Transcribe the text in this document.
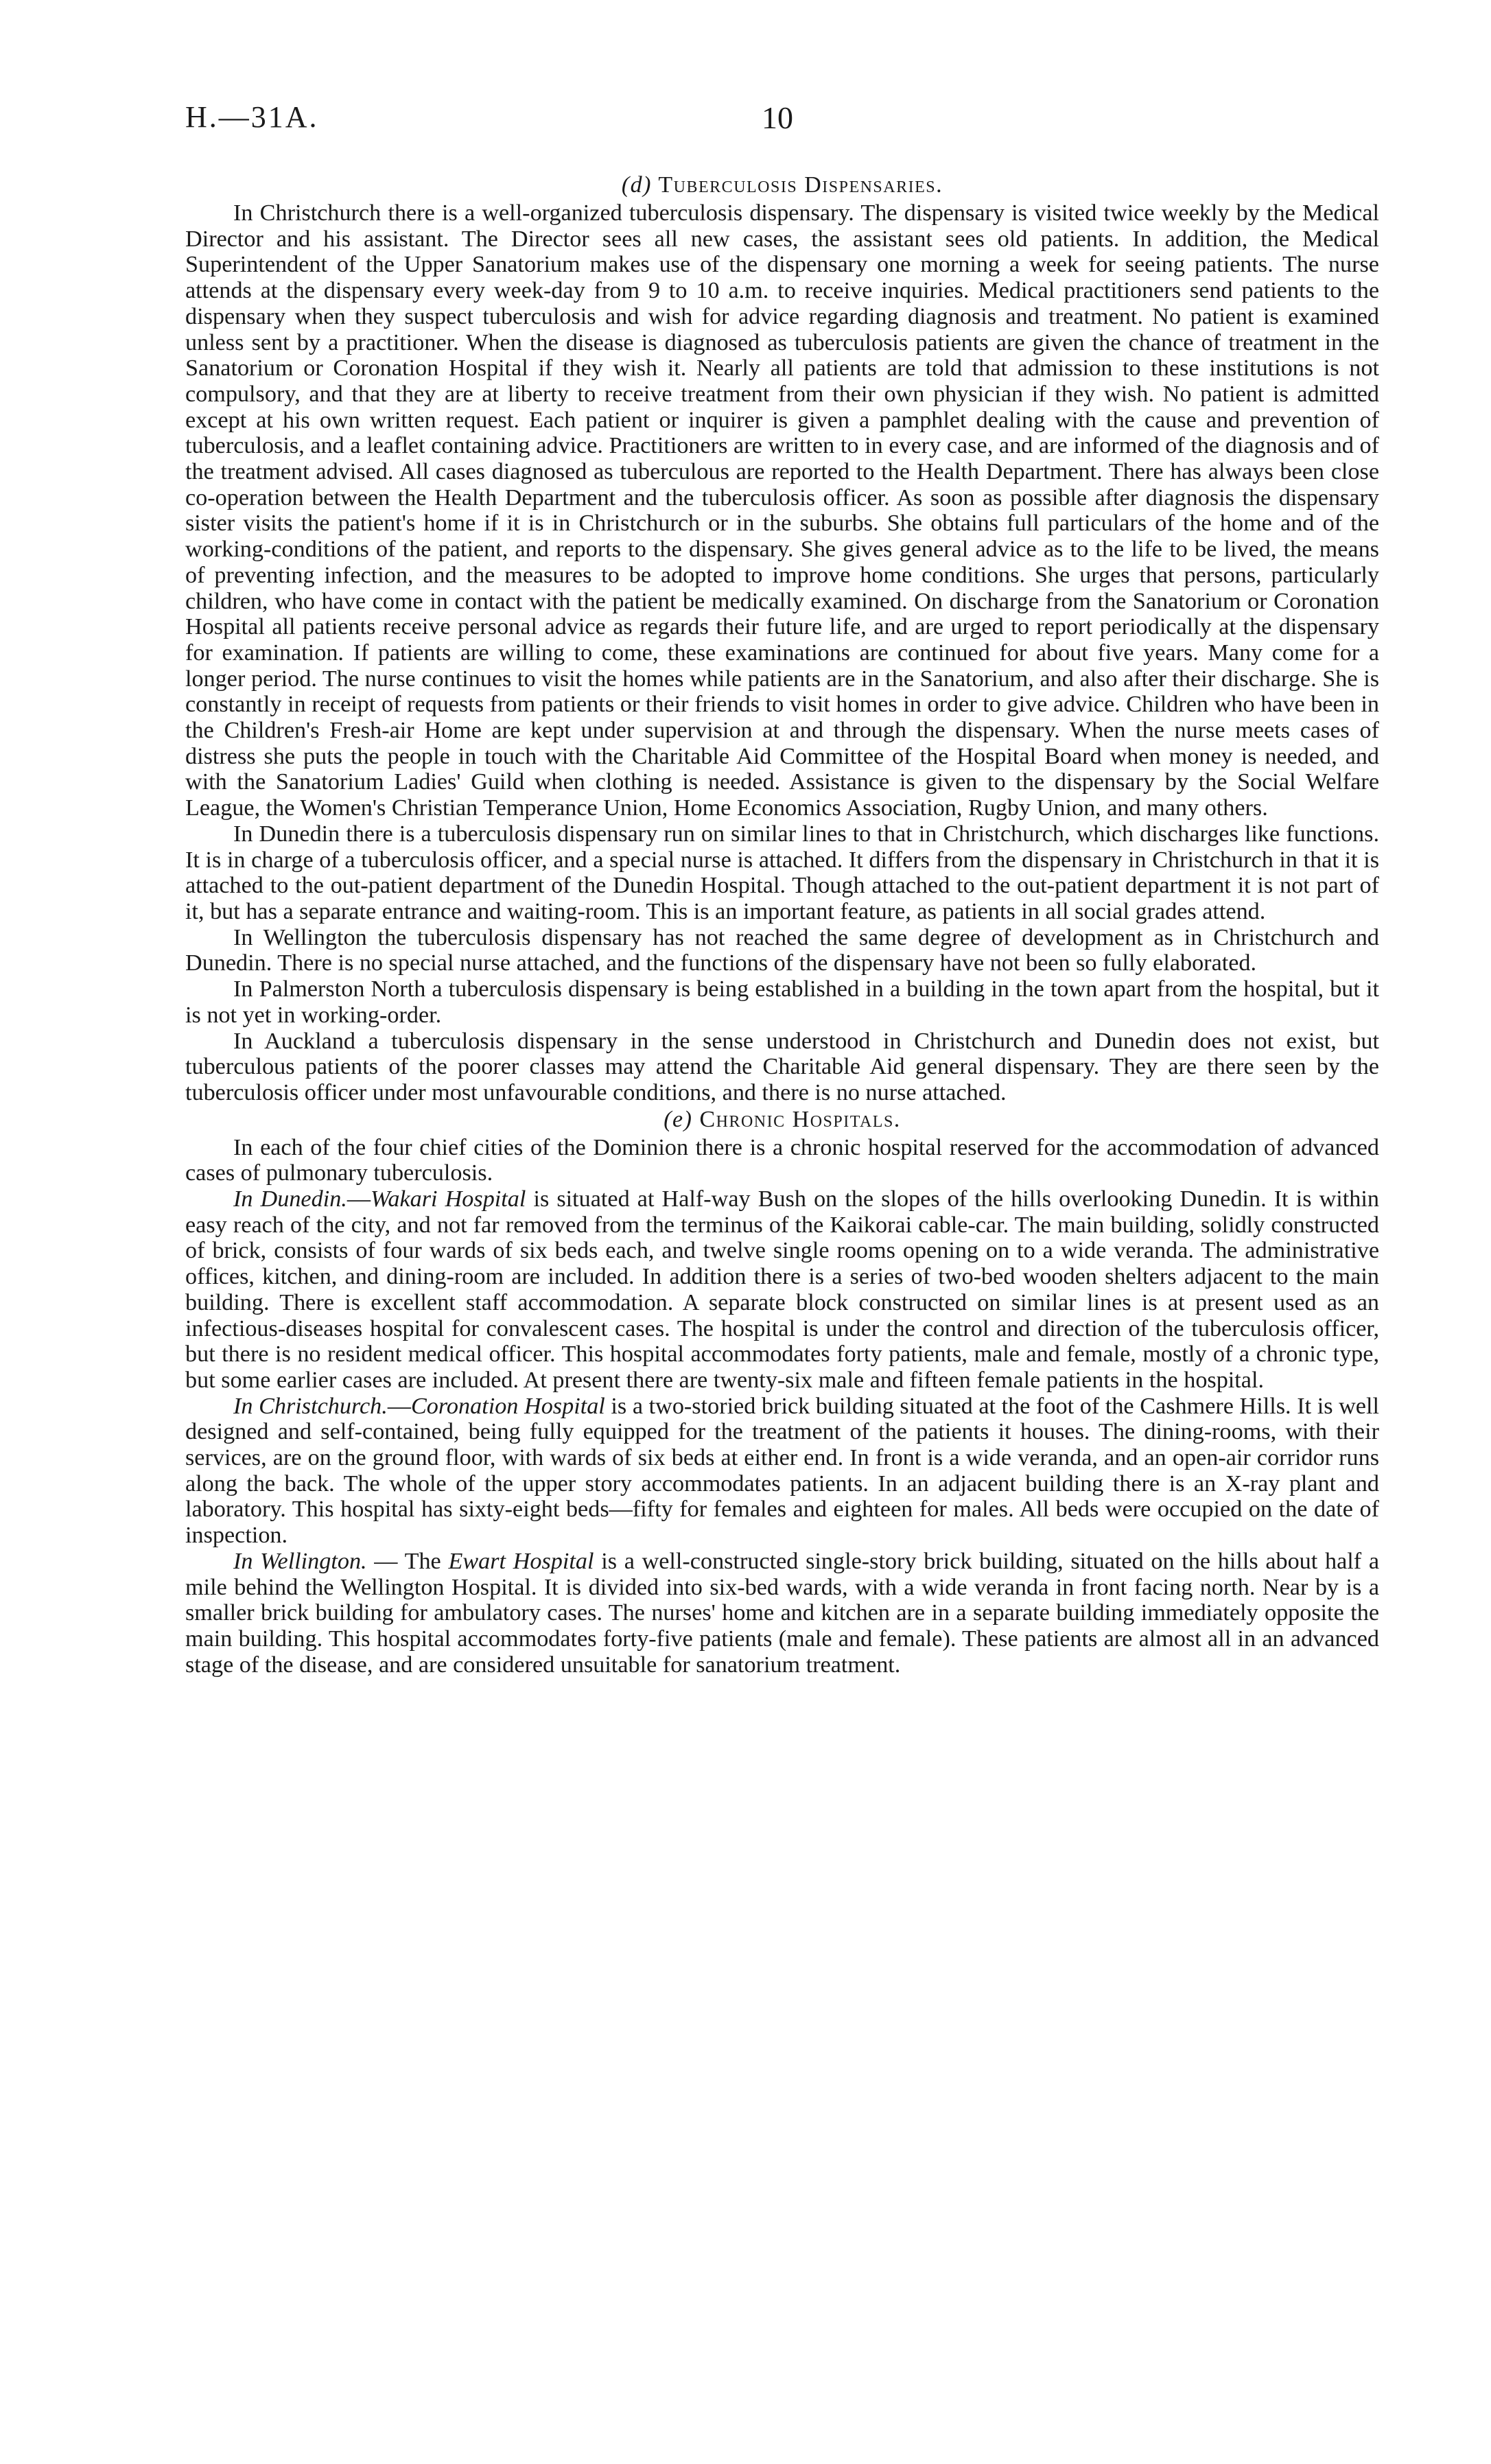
H.—31A.	10
(d) Tuberculosis Dispensaries.

In Christchurch there is a well-organized tuberculosis dispensary. The dispensary is visited twice weekly by the Medical Director and his assistant. The Director sees all new cases, the assistant sees old patients. In addition, the Medical Superintendent of the Upper Sanatorium makes use of the dispensary one morning a week for seeing patients. The nurse attends at the dispensary every week-day from 9 to 10 a.m. to receive inquiries. Medical practitioners send patients to the dispensary when they suspect tuberculosis and wish for advice regarding diagnosis and treatment. No patient is examined unless sent by a practitioner. When the disease is diagnosed as tuberculosis patients are given the chance of treatment in the Sanatorium or Coronation Hospital if they wish it. Nearly all patients are told that admission to these institutions is not compulsory, and that they are at liberty to receive treatment from their own physician if they wish. No patient is admitted except at his own written request. Each patient or inquirer is given a pamphlet dealing with the cause and prevention of tuberculosis, and a leaflet containing advice. Practitioners are written to in every case, and are informed of the diagnosis and of the treatment advised. All cases diagnosed as tuberculous are reported to the Health Department. There has always been close co-operation between the Health Department and the tuberculosis officer. As soon as possible after diagnosis the dispensary sister visits the patient's home if it is in Christchurch or in the suburbs. She obtains full particulars of the home and of the working-conditions of the patient, and reports to the dispensary. She gives general advice as to the life to be lived, the means of preventing infection, and the measures to be adopted to improve home conditions. She urges that persons, particularly children, who have come in contact with the patient be medically examined. On discharge from the Sanatorium or Coronation Hospital all patients receive personal advice as regards their future life, and are urged to report periodically at the dispensary for examination. If patients are willing to come, these examinations are continued for about five years. Many come for a longer period. The nurse continues to visit the homes while patients are in the Sanatorium, and also after their discharge. She is constantly in receipt of requests from patients or their friends to visit homes in order to give advice. Children who have been in the Children's Fresh-air Home are kept under supervision at and through the dispensary. When the nurse meets cases of distress she puts the people in touch with the Charitable Aid Committee of the Hospital Board when money is needed, and with the Sanatorium Ladies' Guild when clothing is needed. Assistance is given to the dispensary by the Social Welfare League, the Women's Christian Temperance Union, Home Economics Association, Rugby Union, and many others.

In Dunedin there is a tuberculosis dispensary run on similar lines to that in Christchurch, which discharges like functions. It is in charge of a tuberculosis officer, and a special nurse is attached. It differs from the dispensary in Christchurch in that it is attached to the out-patient department of the Dunedin Hospital. Though attached to the out-patient department it is not part of it, but has a separate entrance and waiting-room. This is an important feature, as patients in all social grades attend.

In Wellington the tuberculosis dispensary has not reached the same degree of development as in Christchurch and Dunedin. There is no special nurse attached, and the functions of the dispensary have not been so fully elaborated.

In Palmerston North a tuberculosis dispensary is being established in a building in the town apart from the hospital, but it is not yet in working-order.

In Auckland a tuberculosis dispensary in the sense understood in Christchurch and Dunedin does not exist, but tuberculous patients of the poorer classes may attend the Charitable Aid general dispensary. They are there seen by the tuberculosis officer under most unfavourable conditions, and there is no nurse attached.

(e) Chronic Hospitals.

In each of the four chief cities of the Dominion there is a chronic hospital reserved for the accommodation of advanced cases of pulmonary tuberculosis.

In Dunedin.—Wakari Hospital is situated at Half-way Bush on the slopes of the hills overlooking Dunedin. It is within easy reach of the city, and not far removed from the terminus of the Kaikorai cable-car. The main building, solidly constructed of brick, consists of four wards of six beds each, and twelve single rooms opening on to a wide veranda. The administrative offices, kitchen, and dining-room are included. In addition there is a series of two-bed wooden shelters adjacent to the main building. There is excellent staff accommodation. A separate block constructed on similar lines is at present used as an infectious-diseases hospital for convalescent cases. The hospital is under the control and direction of the tuberculosis officer, but there is no resident medical officer. This hospital accommodates forty patients, male and female, mostly of a chronic type, but some earlier cases are included. At present there are twenty-six male and fifteen female patients in the hospital.

In Christchurch.—Coronation Hospital is a two-storied brick building situated at the foot of the Cashmere Hills. It is well designed and self-contained, being fully equipped for the treatment of the patients it houses. The dining-rooms, with their services, are on the ground floor, with wards of six beds at either end. In front is a wide veranda, and an open-air corridor runs along the back. The whole of the upper story accommodates patients. In an adjacent building there is an X-ray plant and laboratory. This hospital has sixty-eight beds—fifty for females and eighteen for males. All beds were occupied on the date of inspection.

In Wellington. — The Ewart Hospital is a well-constructed single-story brick building, situated on the hills about half a mile behind the Wellington Hospital. It is divided into six-bed wards, with a wide veranda in front facing north. Near by is a smaller brick building for ambulatory cases. The nurses' home and kitchen are in a separate building immediately opposite the main building. This hospital accommodates forty-five patients (male and female). These patients are almost all in an advanced stage of the disease, and are considered unsuitable for sanatorium treatment.
